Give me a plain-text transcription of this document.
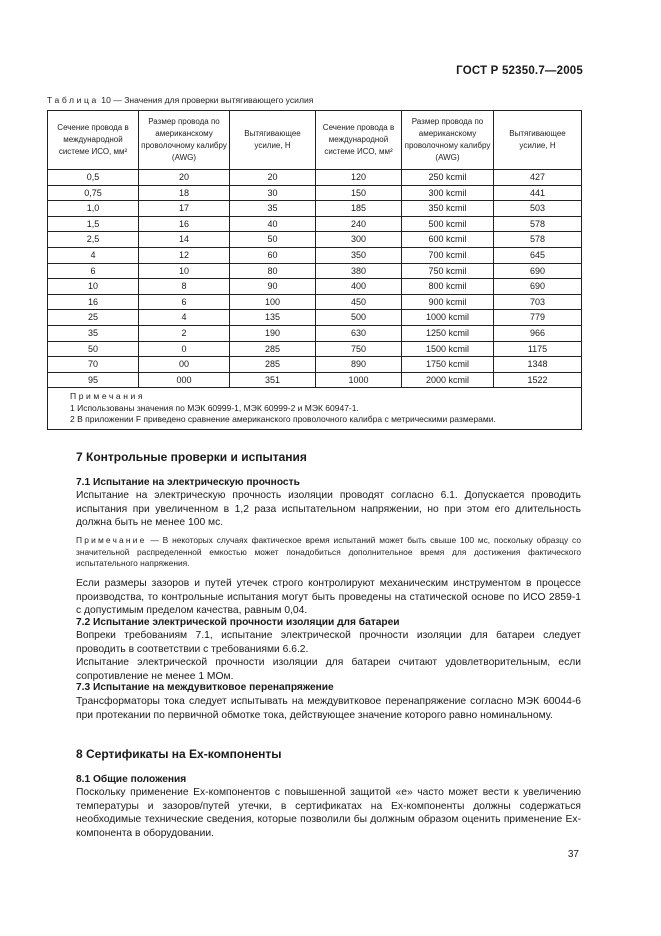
ГОСТ Р 52350.7—2005
Таблица 10 — Значения для проверки вытягивающего усилия
Сечение провода в международной системе ИСО, мм²	Размер провода по американскому проволочному калибру (AWG)	Вытягивающее усилие, Н	Сечение провода в международной системе ИСО, мм²	Размер провода по американскому проволочному калибру (AWG)	Вытягивающее усилие, Н
0,5	20	20	120	250 kcmil	427
0,75	18	30	150	300 kcmil	441
1,0	17	35	185	350 kcmil	503
1,5	16	40	240	500 kcmil	578
2,5	14	50	300	600 kcmil	578
4	12	60	350	700 kcmil	645
6	10	80	380	750 kcmil	690
10	8	90	400	800 kcmil	690
16	6	100	450	900 kcmil	703
25	4	135	500	1000 kcmil	779
35	2	190	630	1250 kcmil	966
50	0	285	750	1500 kcmil	1175
70	00	285	890	1750 kcmil	1348
95	000	351	1000	2000 kcmil	1522

Примечания
1 Использованы значения по МЭК 60999-1, МЭК 60999-2 и МЭК 60947-1.
2 В приложении F приведено сравнение американского проволочного калибра с метрическими размерами.					
7 Контрольные проверки и испытания
7.1 Испытание на электрическую прочность
Испытание на электрическую прочность изоляции проводят согласно 6.1. Допускается проводить испытания при увеличенном в 1,2 раза испытательном напряжении, но при этом его длительность должна быть не менее 100 мс.
Примечание — В некоторых случаях фактическое время испытаний может быть свыше 100 мс, поскольку образцу со значительной распределенной емкостью может понадобиться дополнительное время для достижения фактического испытательного напряжения.
Если размеры зазоров и путей утечек строго контролируют механическим инструментом в процессе производства, то контрольные испытания могут быть проведены на статической основе по ИСО 2859-1 с допустимым пределом качества, равным 0,04.
7.2 Испытание электрической прочности изоляции для батареи
Вопреки требованиям 7.1, испытание электрической прочности изоляции для батареи следует проводить в соответствии с требованиями 6.6.2.
Испытание электрической прочности изоляции для батареи считают удовлетворительным, если сопротивление не менее 1 МОм.
7.3 Испытание на междувитковое перенапряжение
Трансформаторы тока следует испытывать на междувитковое перенапряжение согласно МЭК 60044-6 при протекании по первичной обмотке тока, действующее значение которого равно номинальному.
8 Сертификаты на Ex-компоненты
8.1 Общие положения
Поскольку применение Ex-компонентов с повышенной защитой «е» часто может вести к увеличению температуры и зазоров/путей утечки, в сертификатах на Ex-компоненты должны содержаться необходимые технические сведения, которые позволили бы должным образом оценить применение Ex-компонента в оборудовании.
37
